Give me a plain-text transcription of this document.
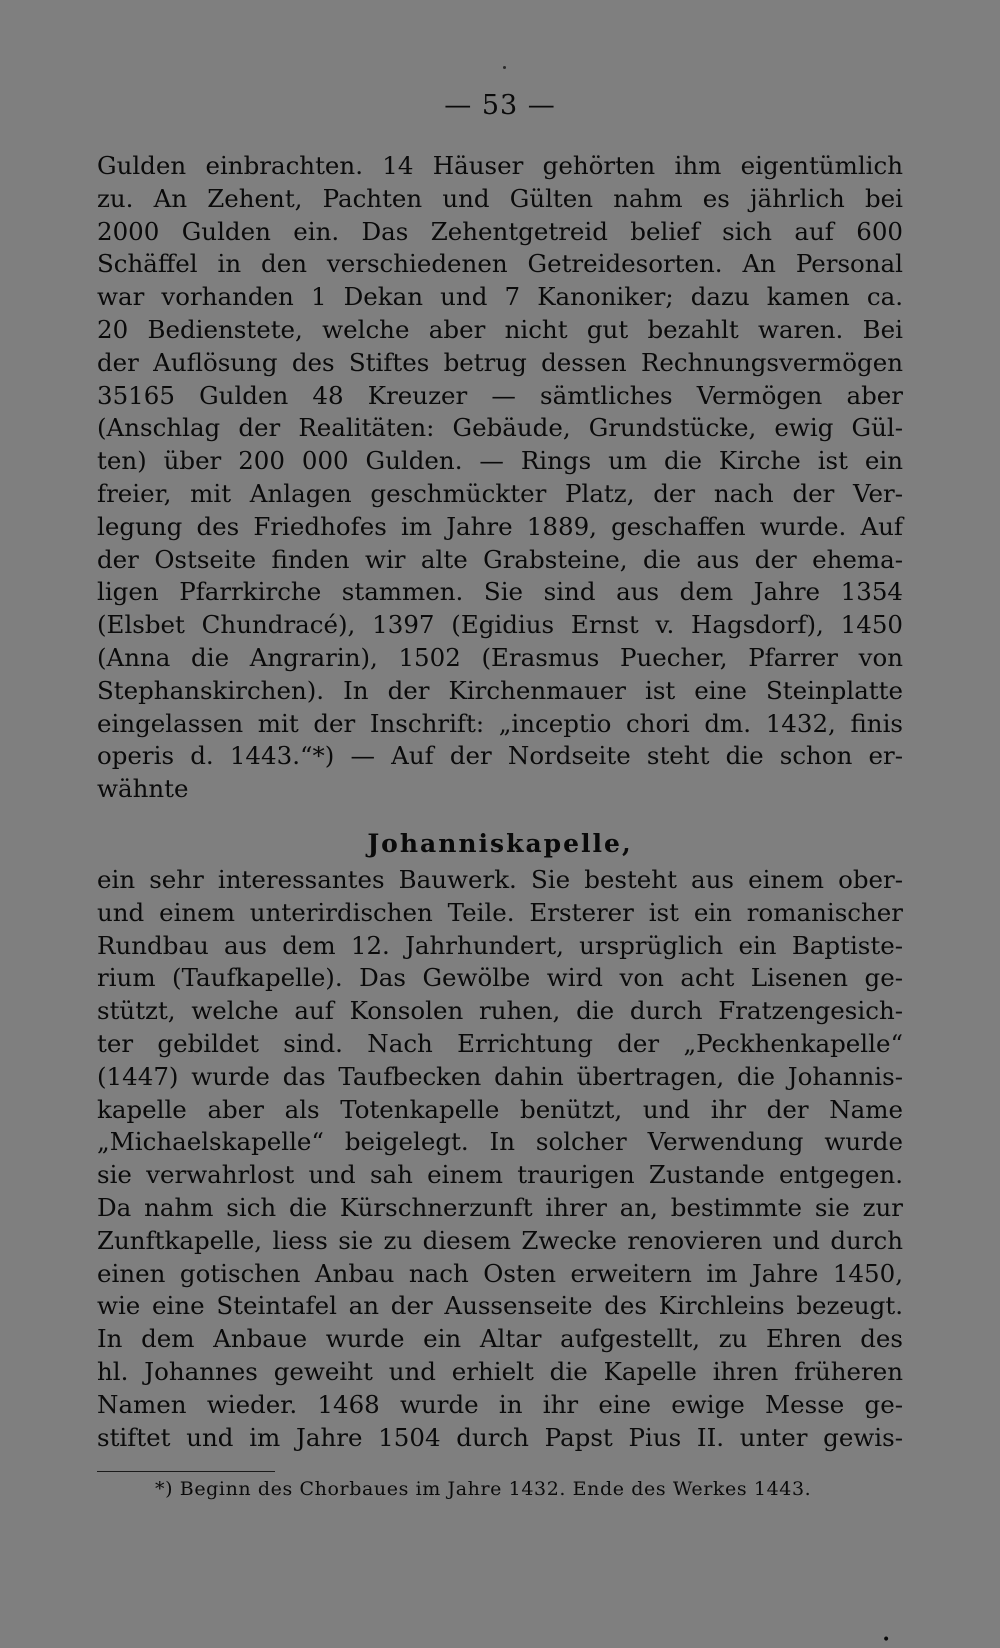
— 53 —
Gulden einbrachten. 14 Häuser gehörten ihm eigentümlich
zu. An Zehent, Pachten und Gülten nahm es jährlich bei
2000 Gulden ein. Das Zehentgetreid belief sich auf 600
Schäffel in den verschiedenen Getreidesorten. An Personal
war vorhanden 1 Dekan und 7 Kanoniker; dazu kamen ca.
20 Bedienstete, welche aber nicht gut bezahlt waren. Bei
der Auflösung des Stiftes betrug dessen Rechnungsvermögen
35165 Gulden 48 Kreuzer — sämtliches Vermögen aber
(Anschlag der Realitäten: Gebäude, Grundstücke, ewig Gül-
ten) über 200 000 Gulden. — Rings um die Kirche ist ein
freier, mit Anlagen geschmückter Platz, der nach der Ver-
legung des Friedhofes im Jahre 1889, geschaffen wurde. Auf
der Ostseite finden wir alte Grabsteine, die aus der ehema-
ligen Pfarrkirche stammen. Sie sind aus dem Jahre 1354
(Elsbet Chundracé), 1397 (Egidius Ernst v. Hagsdorf), 1450
(Anna die Angrarin), 1502 (Erasmus Puecher, Pfarrer von
Stephanskirchen). In der Kirchenmauer ist eine Steinplatte
eingelassen mit der Inschrift: „inceptio chori dm. 1432, finis
operis d. 1443.“*) — Auf der Nordseite steht die schon er-
wähnte
Johanniskapelle,
ein sehr interessantes Bauwerk. Sie besteht aus einem ober-
und einem unterirdischen Teile. Ersterer ist ein romanischer
Rundbau aus dem 12. Jahrhundert, ursprüglich ein Baptiste-
rium (Taufkapelle). Das Gewölbe wird von acht Lisenen ge-
stützt, welche auf Konsolen ruhen, die durch Fratzengesich-
ter gebildet sind. Nach Errichtung der „Peckhenkapelle“
(1447) wurde das Taufbecken dahin übertragen, die Johannis-
kapelle aber als Totenkapelle benützt, und ihr der Name
„Michaelskapelle“ beigelegt. In solcher Verwendung wurde
sie verwahrlost und sah einem traurigen Zustande entgegen.
Da nahm sich die Kürschnerzunft ihrer an, bestimmte sie zur
Zunftkapelle, liess sie zu diesem Zwecke renovieren und durch
einen gotischen Anbau nach Osten erweitern im Jahre 1450,
wie eine Steintafel an der Aussenseite des Kirchleins bezeugt.
In dem Anbaue wurde ein Altar aufgestellt, zu Ehren des
hl. Johannes geweiht und erhielt die Kapelle ihren früheren
Namen wieder. 1468 wurde in ihr eine ewige Messe ge-
stiftet und im Jahre 1504 durch Papst Pius II. unter gewis-
*) Beginn des Chorbaues im Jahre 1432. Ende des Werkes 1443.
•
